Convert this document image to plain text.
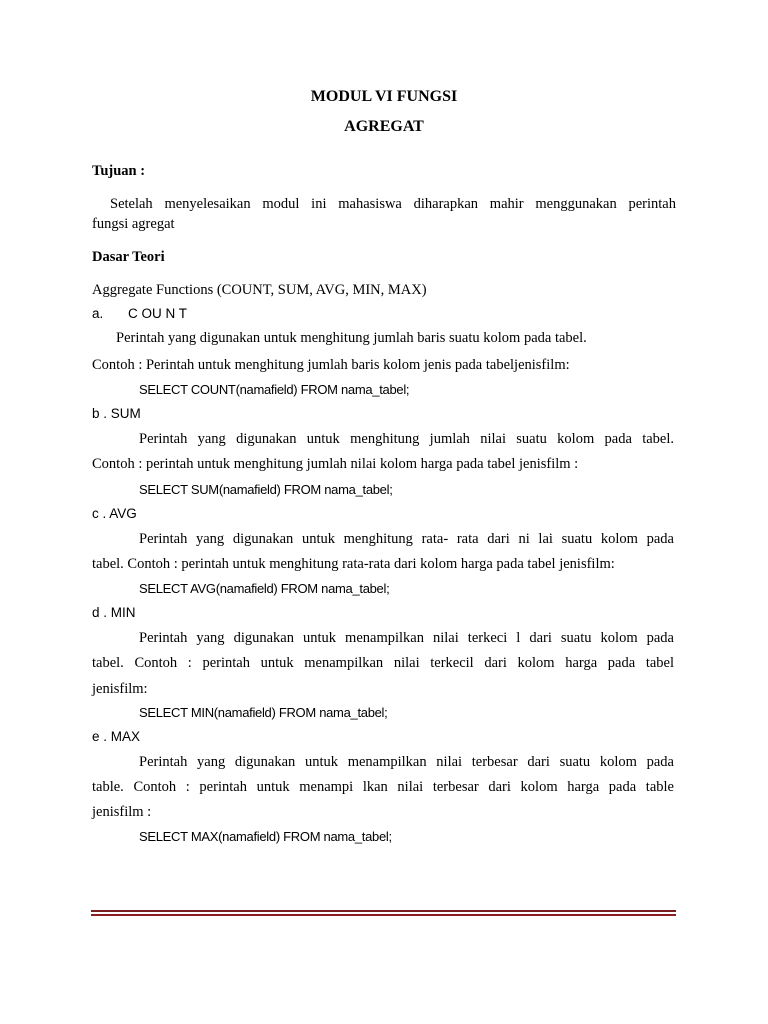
MODUL VI FUNGSI

AGREGAT

Tujuan :

Setelah menyelesaikan modul ini mahasiswa diharapkan mahir menggunakan perintah

fungsi agregat

Dasar Teori

Aggregate Functions (COUNT, SUM, AVG, MIN, MAX)

a. C OU N T

Perintah yang digunakan untuk menghitung jumlah baris suatu kolom pada tabel.

Contoh : Perintah untuk menghitung jumlah baris kolom jenis pada tabeljenisfilm:

SELECT COUNT(namafield) FROM nama_tabel;

b . SUM

Perintah yang digunakan untuk menghitung jumlah nilai suatu kolom pada tabel.

Contoh : perintah untuk menghitung jumlah nilai kolom harga pada tabel jenisfilm :

SELECT SUM(namafield) FROM nama_tabel;

c . AVG

Perintah yang digunakan untuk menghitung rata- rata dari ni lai suatu kolom pada

tabel. Contoh : perintah untuk menghitung rata-rata dari kolom harga pada tabel jenisfilm:

SELECT AVG(namafield) FROM nama_tabel;

d . MIN

Perintah yang digunakan untuk menampilkan nilai terkeci l dari suatu kolom pada

tabel. Contoh : perintah untuk menampilkan nilai terkecil dari kolom harga pada tabel

jenisfilm:

SELECT MIN(namafield) FROM nama_tabel;

e . MAX

Perintah yang digunakan untuk menampilkan nilai terbesar dari suatu kolom pada

table. Contoh : perintah untuk menampi lkan nilai terbesar dari kolom harga pada table

jenisfilm :

SELECT MAX(namafield) FROM nama_tabel;
